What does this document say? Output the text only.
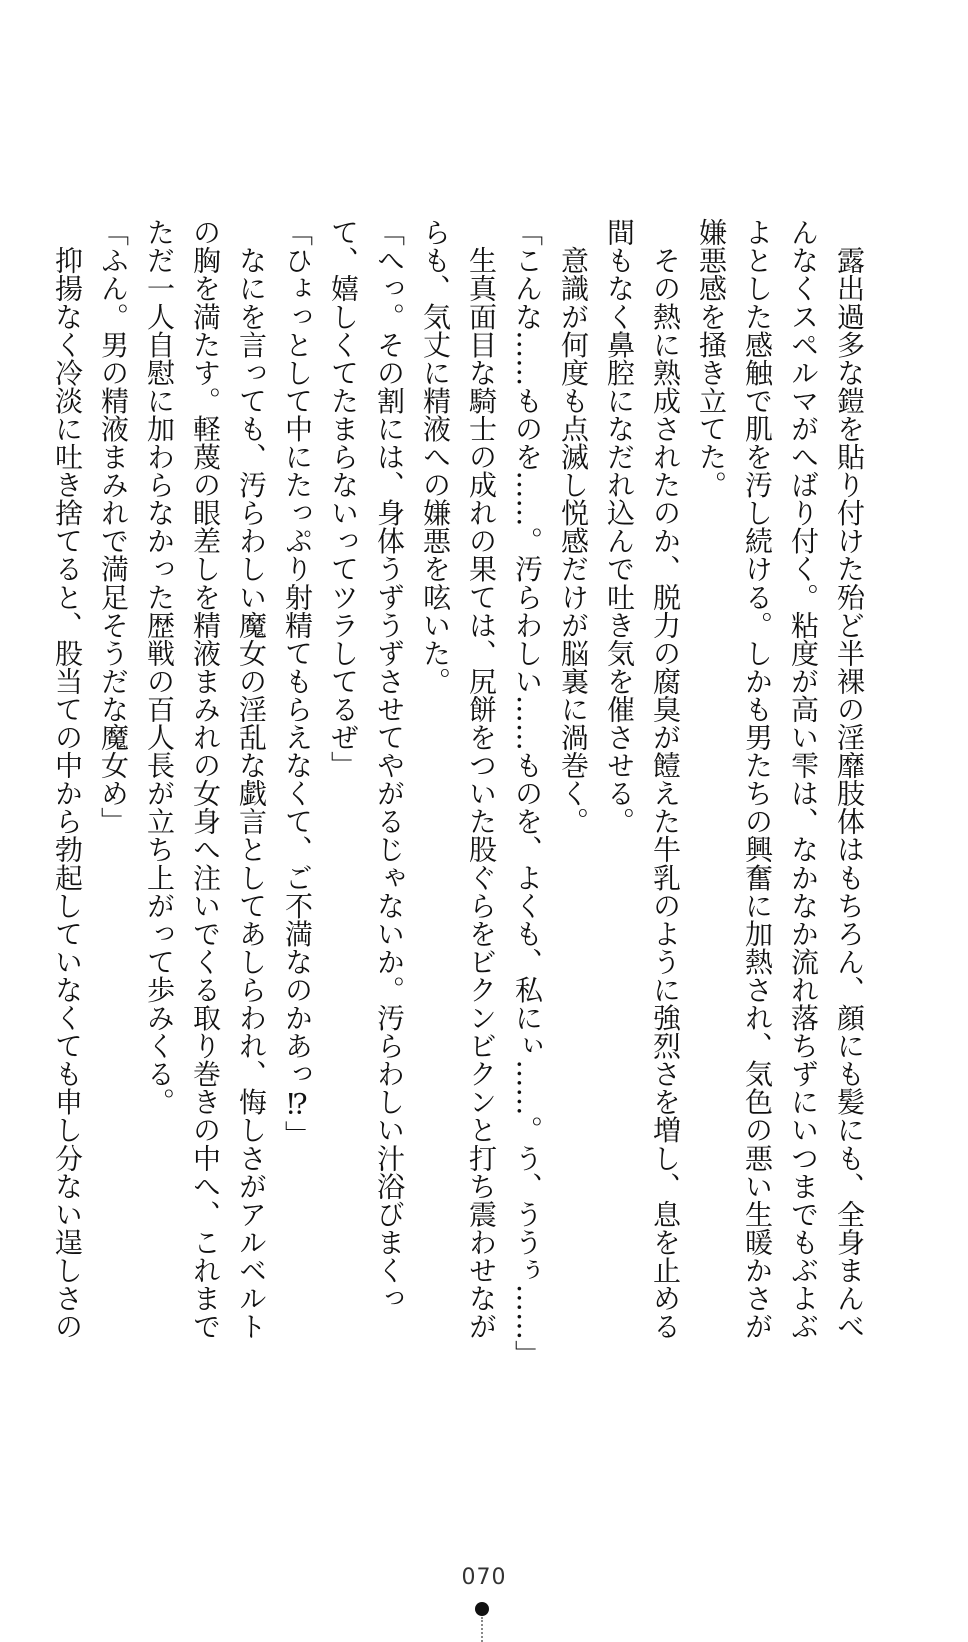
　露出過多な鎧を貼り付けた殆ど半裸の淫靡肢体はもちろん、顔にも髪にも、全身まんべんなくスペルマがへばり付く。粘度が高い雫は、なかなか流れ落ちずにいつまでもぶよぶよとした感触で肌を汚し続ける。しかも男たちの興奮に加熱され、気色の悪い生暖かさが嫌悪感を掻き立てた。

　その熱に熟成されたのか、脱力の腐臭が饐えた牛乳のように強烈さを増し、息を止める間もなく鼻腔になだれ込んで吐き気を催させる。

　意識が何度も点滅し悦感だけが脳裏に渦巻く。

「こんな……ものを……。汚らわしい……ものを、よくも、私にぃ……。う、ううぅ……」

　生真面目な騎士の成れの果ては、尻餅をついた股ぐらをビクンビクンと打ち震わせながらも、気丈に精液への嫌悪を呟いた。

「へっ。その割には、身体うずうずさせてやがるじゃないか。汚らわしい汁浴びまくって、嬉しくてたまらないってツラしてるぜ」

「ひょっとして中にたっぷり射精てもらえなくて、ご不満なのかあっ⁉」

　なにを言っても、汚らわしい魔女の淫乱な戯言としてあしらわれ、悔しさがアルベルトの胸を満たす。軽蔑の眼差しを精液まみれの女身へ注いでくる取り巻きの中へ、これまでただ一人自慰に加わらなかった歴戦の百人長が立ち上がって歩みくる。

「ふん。男の精液まみれで満足そうだな魔女め」

　抑揚なく冷淡に吐き捨てると、股当ての中から勃起していなくても申し分ない逞しさの

070
